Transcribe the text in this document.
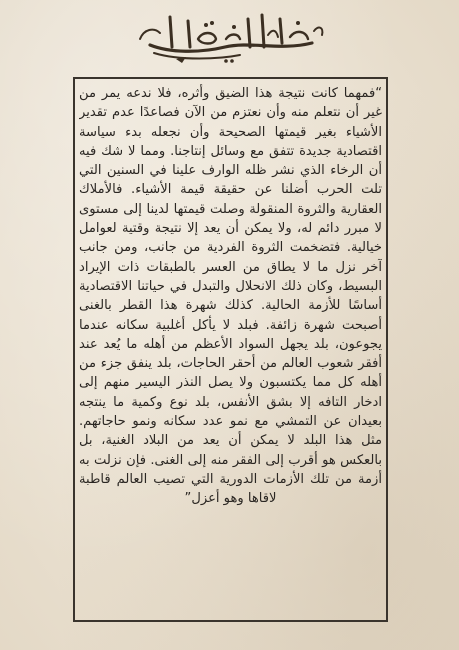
“فمهما كانت نتيجة هذا الضيق وأثره، فلا ندعه يمر من غير أن نتعلم منه وأن نعتزم من الآن فصاعدًا عدم تقدير الأشياء بغير قيمتها الصحيحة وأن نجعله بدء سياسة اقتصادية جديدة تتفق مع وسائل إنتاجنا. ومما لا شك فيه أن الرخاء الذي نشر ظله الوارف علينا في السنين التي تلت الحرب أضلنا عن حقيقة قيمة الأشياء. فالأملاك العقارية والثروة المنقولة وصلت قيمتها لدينا إلى مستوى لا مبرر دائم له، ولا يمكن أن يعد إلا نتيجة وقتية لعوامل خيالية. فتضخمت الثروة الفردية من جانب، ومن جانب آخر نزل ما لا يطاق من العسر بالطبقات ذات الإيراد البسيط، وكان ذلك الانحلال والتبدل في حياتنا الاقتصادية أساسًا للأزمة الحالية. كذلك شهرة هذا القطر بالغنى أصبحت شهرة زائفة. فبلد لا يأكل أغلبية سكانه عندما يجوعون، بلد يجهل السواد الأعظم من أهله ما يُعد عند أفقر شعوب العالم من أحقر الحاجات، بلد ينفق جزء من أهله كل مما يكتسبون ولا يصل النذر اليسير منهم إلى ادخار التافه إلا بشق الأنفس، بلد نوع وكمية ما ينتجه بعيدان عن التمشي مع نمو عدد سكانه ونمو حاجاتهم. مثل هذا البلد لا يمكن أن يعد من البلاد الغنية، بل بالعكس هو أقرب إلى الفقر منه إلى الغنى. فإن نزلت به أزمة من تلك الأزمات الدورية التي تصيب العالم قاطبة لاقاها وهو أعزل”
